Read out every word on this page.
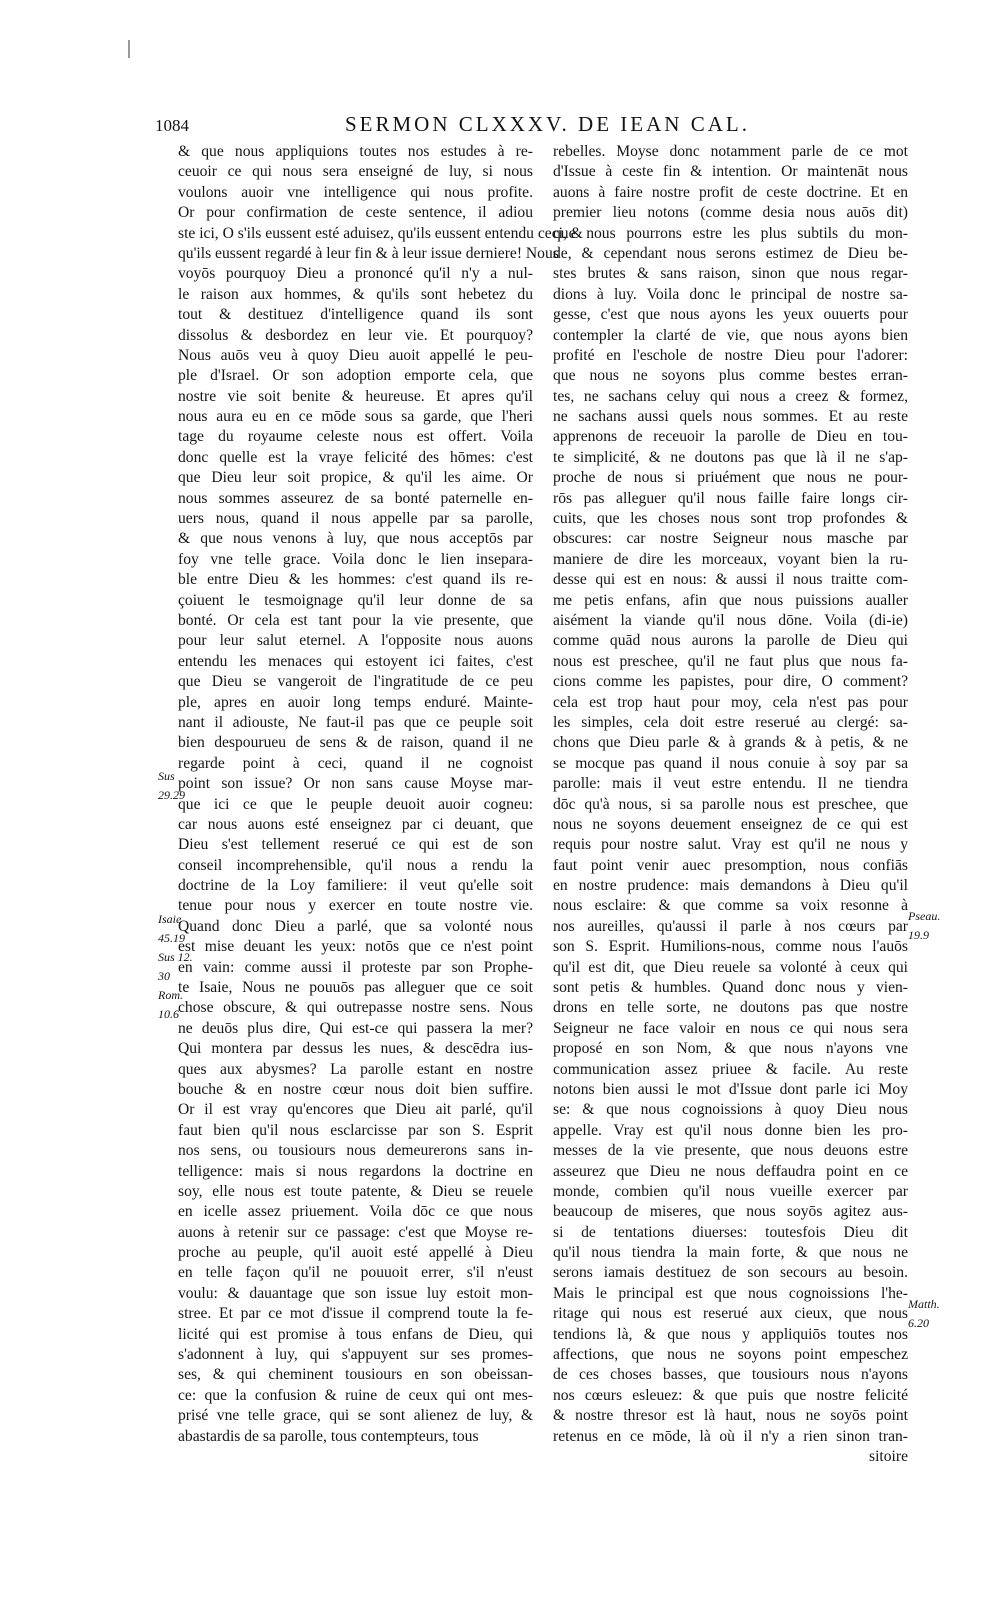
1084	SERMON CLXXXV. DE IEAN CAL.
& que nous appliquions toutes nos estudes à re-
ceuoir ce qui nous sera enseigné de luy, si nous
voulons auoir vne intelligence qui nous profite.
Or pour confirmation de ceste sentence, il adiou
ste ici, O s'ils eussent esté aduisez, qu'ils eussent entendu ceci, &
qu'ils eussent regardé à leur fin & à leur issue derniere! Nous
voyōs pourquoy Dieu a prononcé qu'il n'y a nul-
le raison aux hommes, & qu'ils sont hebetez du
tout & destituez d'intelligence quand ils sont
dissolus & desbordez en leur vie. Et pourquoy?
Nous auōs veu à quoy Dieu auoit appellé le peu-
ple d'Israel. Or son adoption emporte cela, que
nostre vie soit benite & heureuse. Et apres qu'il
nous aura eu en ce mōde sous sa garde, que l'heri
tage du royaume celeste nous est offert. Voila
donc quelle est la vraye felicité des hōmes: c'est
que Dieu leur soit propice, & qu'il les aime. Or
nous sommes asseurez de sa bonté paternelle en-
uers nous, quand il nous appelle par sa parolle,
& que nous venons à luy, que nous acceptōs par
foy vne telle grace. Voila donc le lien insepara-
ble entre Dieu & les hommes: c'est quand ils re-
çoiuent le tesmoignage qu'il leur donne de sa
bonté. Or cela est tant pour la vie presente, que
pour leur salut eternel. A l'opposite nous auons
entendu les menaces qui estoyent ici faites, c'est
que Dieu se vangeroit de l'ingratitude de ce peu
ple, apres en auoir long temps enduré. Mainte-
nant il adiouste, Ne faut-il pas que ce peuple soit
bien despourueu de sens & de raison, quand il ne
regarde point à ceci, quand il ne cognoist
point son issue? Or non sans cause Moyse mar-
que ici ce que le peuple deuoit auoir cogneu:
car nous auons esté enseignez par ci deuant, que
Dieu s'est tellement reserué ce qui est de son
conseil incomprehensible, qu'il nous a rendu la
doctrine de la Loy familiere: il veut qu'elle soit
tenue pour nous y exercer en toute nostre vie.
Quand donc Dieu a parlé, que sa volonté nous
est mise deuant les yeux: notōs que ce n'est point
en vain: comme aussi il proteste par son Prophe-
te Isaie, Nous ne pouuōs pas alleguer que ce soit
chose obscure, & qui outrepasse nostre sens. Nous
ne deuōs plus dire, Qui est-ce qui passera la mer?
Qui montera par dessus les nues, & descēdra ius-
ques aux abysmes? La parolle estant en nostre
bouche & en nostre cœur nous doit bien suffire.
Or il est vray qu'encores que Dieu ait parlé, qu'il
faut bien qu'il nous esclarcisse par son S. Esprit
nos sens, ou tousiours nous demeurerons sans in-
telligence: mais si nous regardons la doctrine en
soy, elle nous est toute patente, & Dieu se reuele
en icelle assez priuement. Voila dōc ce que nous
auons à retenir sur ce passage: c'est que Moyse re-
proche au peuple, qu'il auoit esté appellé à Dieu
en telle façon qu'il ne pouuoit errer, s'il n'eust
voulu: & dauantage que son issue luy estoit mon-
stree. Et par ce mot d'issue il comprend toute la fe-
licité qui est promise à tous enfans de Dieu, qui
s'adonnent à luy, qui s'appuyent sur ses promes-
ses, & qui cheminent tousiours en son obeissan-
ce: que la confusion & ruine de ceux qui ont mes-
prisé vne telle grace, qui se sont alienez de luy, &
abastardis de sa parolle, tous contempteurs, tous
rebelles. Moyse donc notamment parle de ce mot
d'Issue à ceste fin & intention. Or maintenāt nous
auons à faire nostre profit de ceste doctrine. Et en
premier lieu notons (comme desia nous auōs dit)
que nous pourrons estre les plus subtils du mon-
de, & cependant nous serons estimez de Dieu be-
stes brutes & sans raison, sinon que nous regar-
dions à luy. Voila donc le principal de nostre sa-
gesse, c'est que nous ayons les yeux ouuerts pour
contempler la clarté de vie, que nous ayons bien
profité en l'eschole de nostre Dieu pour l'adorer:
que nous ne soyons plus comme bestes erran-
tes, ne sachans celuy qui nous a creez & formez,
ne sachans aussi quels nous sommes. Et au reste
apprenons de receuoir la parolle de Dieu en tou-
te simplicité, & ne doutons pas que là il ne s'ap-
proche de nous si priuément que nous ne pour-
rōs pas alleguer qu'il nous faille faire longs cir-
cuits, que les choses nous sont trop profondes &
obscures: car nostre Seigneur nous masche par
maniere de dire les morceaux, voyant bien la ru-
desse qui est en nous: & aussi il nous traitte com-
me petis enfans, afin que nous puissions aualler
aisément la viande qu'il nous dōne. Voila (di-ie)
comme quād nous aurons la parolle de Dieu qui
nous est preschee, qu'il ne faut plus que nous fa-
cions comme les papistes, pour dire, O comment?
cela est trop haut pour moy, cela n'est pas pour
les simples, cela doit estre reserué au clergé: sa-
chons que Dieu parle & à grands & à petis, & ne
se mocque pas quand il nous conuie à soy par sa
parolle: mais il veut estre entendu. Il ne tiendra
dōc qu'à nous, si sa parolle nous est preschee, que
nous ne soyons deuement enseignez de ce qui est
requis pour nostre salut. Vray est qu'il ne nous y
faut point venir auec presomption, nous confiās
en nostre prudence: mais demandons à Dieu qu'il
nous esclaire: & que comme sa voix resonne à
nos aureilles, qu'aussi il parle à nos cœurs par
son S. Esprit. Humilions-nous, comme nous l'auōs
qu'il est dit, que Dieu reuele sa volonté à ceux qui
sont petis & humbles. Quand donc nous y vien-
drons en telle sorte, ne doutons pas que nostre
Seigneur ne face valoir en nous ce qui nous sera
proposé en son Nom, & que nous n'ayons vne
communication assez priuee & facile. Au reste
notons bien aussi le mot d'Issue dont parle ici Moy
se: & que nous cognoissions à quoy Dieu nous
appelle. Vray est qu'il nous donne bien les pro-
messes de la vie presente, que nous deuons estre
asseurez que Dieu ne nous deffaudra point en ce
monde, combien qu'il nous vueille exercer par
beaucoup de miseres, que nous soyōs agitez aus-
si de tentations diuerses: toutesfois Dieu dit
qu'il nous tiendra la main forte, & que nous ne
serons iamais destituez de son secours au besoin.
Mais le principal est que nous cognoissions l'he-
ritage qui nous est reserué aux cieux, que nous
tendions là, & que nous y appliquiōs toutes nos
affections, que nous ne soyons point empeschez
de ces choses basses, que tousiours nous n'ayons
nos cœurs esleuez: & que puis que nostre felicité
& nostre thresor est là haut, nous ne soyōs point
retenus en ce mōde, là où il n'y a rien sinon tran-
sitoire
Sus
29.29
Isaie
45.19
Sus 12.
30
Rom.
10.6
Pseau.
19.9
Matth.
6.20
